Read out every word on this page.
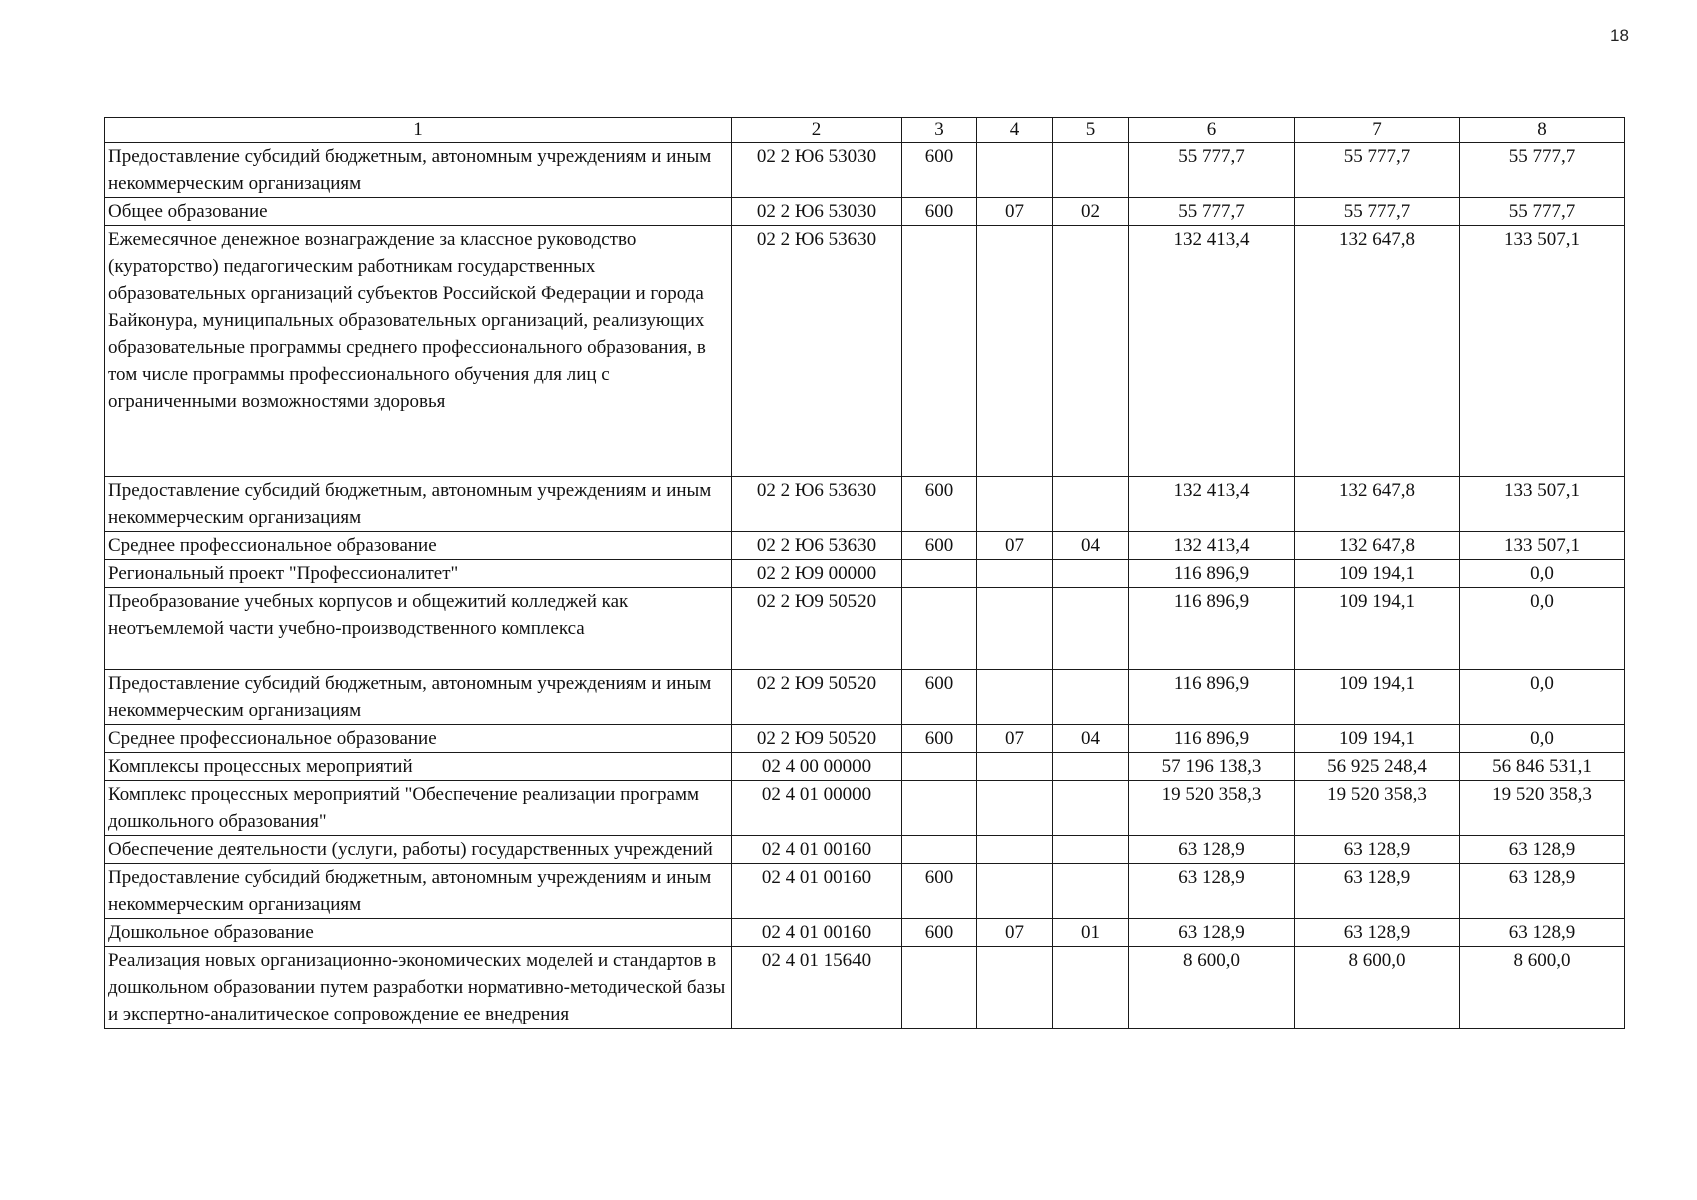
18
1	2	3	4	5	6	7	8
Предоставление субсидий бюджетным, автономным учреждениям и иным некоммерческим организациям	02 2 Ю6 53030	600			55 777,7	55 777,7	55 777,7
Общее образование	02 2 Ю6 53030	600	07	02	55 777,7	55 777,7	55 777,7
Ежемесячное денежное вознаграждение за классное руководство (кураторство) педагогическим работникам государственных образовательных организаций субъектов Российской Федерации и города Байконура, муниципальных образовательных организаций, реализующих образовательные программы среднего профессионального образования, в том числе программы профессионального обучения для лиц с ограниченными возможностями здоровья	02 2 Ю6 53630				132 413,4	132 647,8	133 507,1
Предоставление субсидий бюджетным, автономным учреждениям и иным некоммерческим организациям	02 2 Ю6 53630	600			132 413,4	132 647,8	133 507,1
Среднее профессиональное образование	02 2 Ю6 53630	600	07	04	132 413,4	132 647,8	133 507,1
Региональный проект "Профессионалитет"	02 2 Ю9 00000				116 896,9	109 194,1	0,0
Преобразование учебных корпусов и общежитий колледжей как неотъемлемой части учебно-производственного комплекса	02 2 Ю9 50520				116 896,9	109 194,1	0,0
Предоставление субсидий бюджетным, автономным учреждениям и иным некоммерческим организациям	02 2 Ю9 50520	600			116 896,9	109 194,1	0,0
Среднее профессиональное образование	02 2 Ю9 50520	600	07	04	116 896,9	109 194,1	0,0
Комплексы процессных мероприятий	02 4 00 00000				57 196 138,3	56 925 248,4	56 846 531,1
Комплекс процессных мероприятий "Обеспечение реализации программ дошкольного образования"	02 4 01 00000				19 520 358,3	19 520 358,3	19 520 358,3
Обеспечение деятельности (услуги, работы) государственных учреждений	02 4 01 00160				63 128,9	63 128,9	63 128,9
Предоставление субсидий бюджетным, автономным учреждениям и иным некоммерческим организациям	02 4 01 00160	600			63 128,9	63 128,9	63 128,9
Дошкольное образование	02 4 01 00160	600	07	01	63 128,9	63 128,9	63 128,9
Реализация новых организационно-экономических моделей и стандартов в дошкольном образовании путем разработки нормативно-методической базы и экспертно-аналитическое сопровождение ее внедрения	02 4 01 15640				8 600,0	8 600,0	8 600,0
